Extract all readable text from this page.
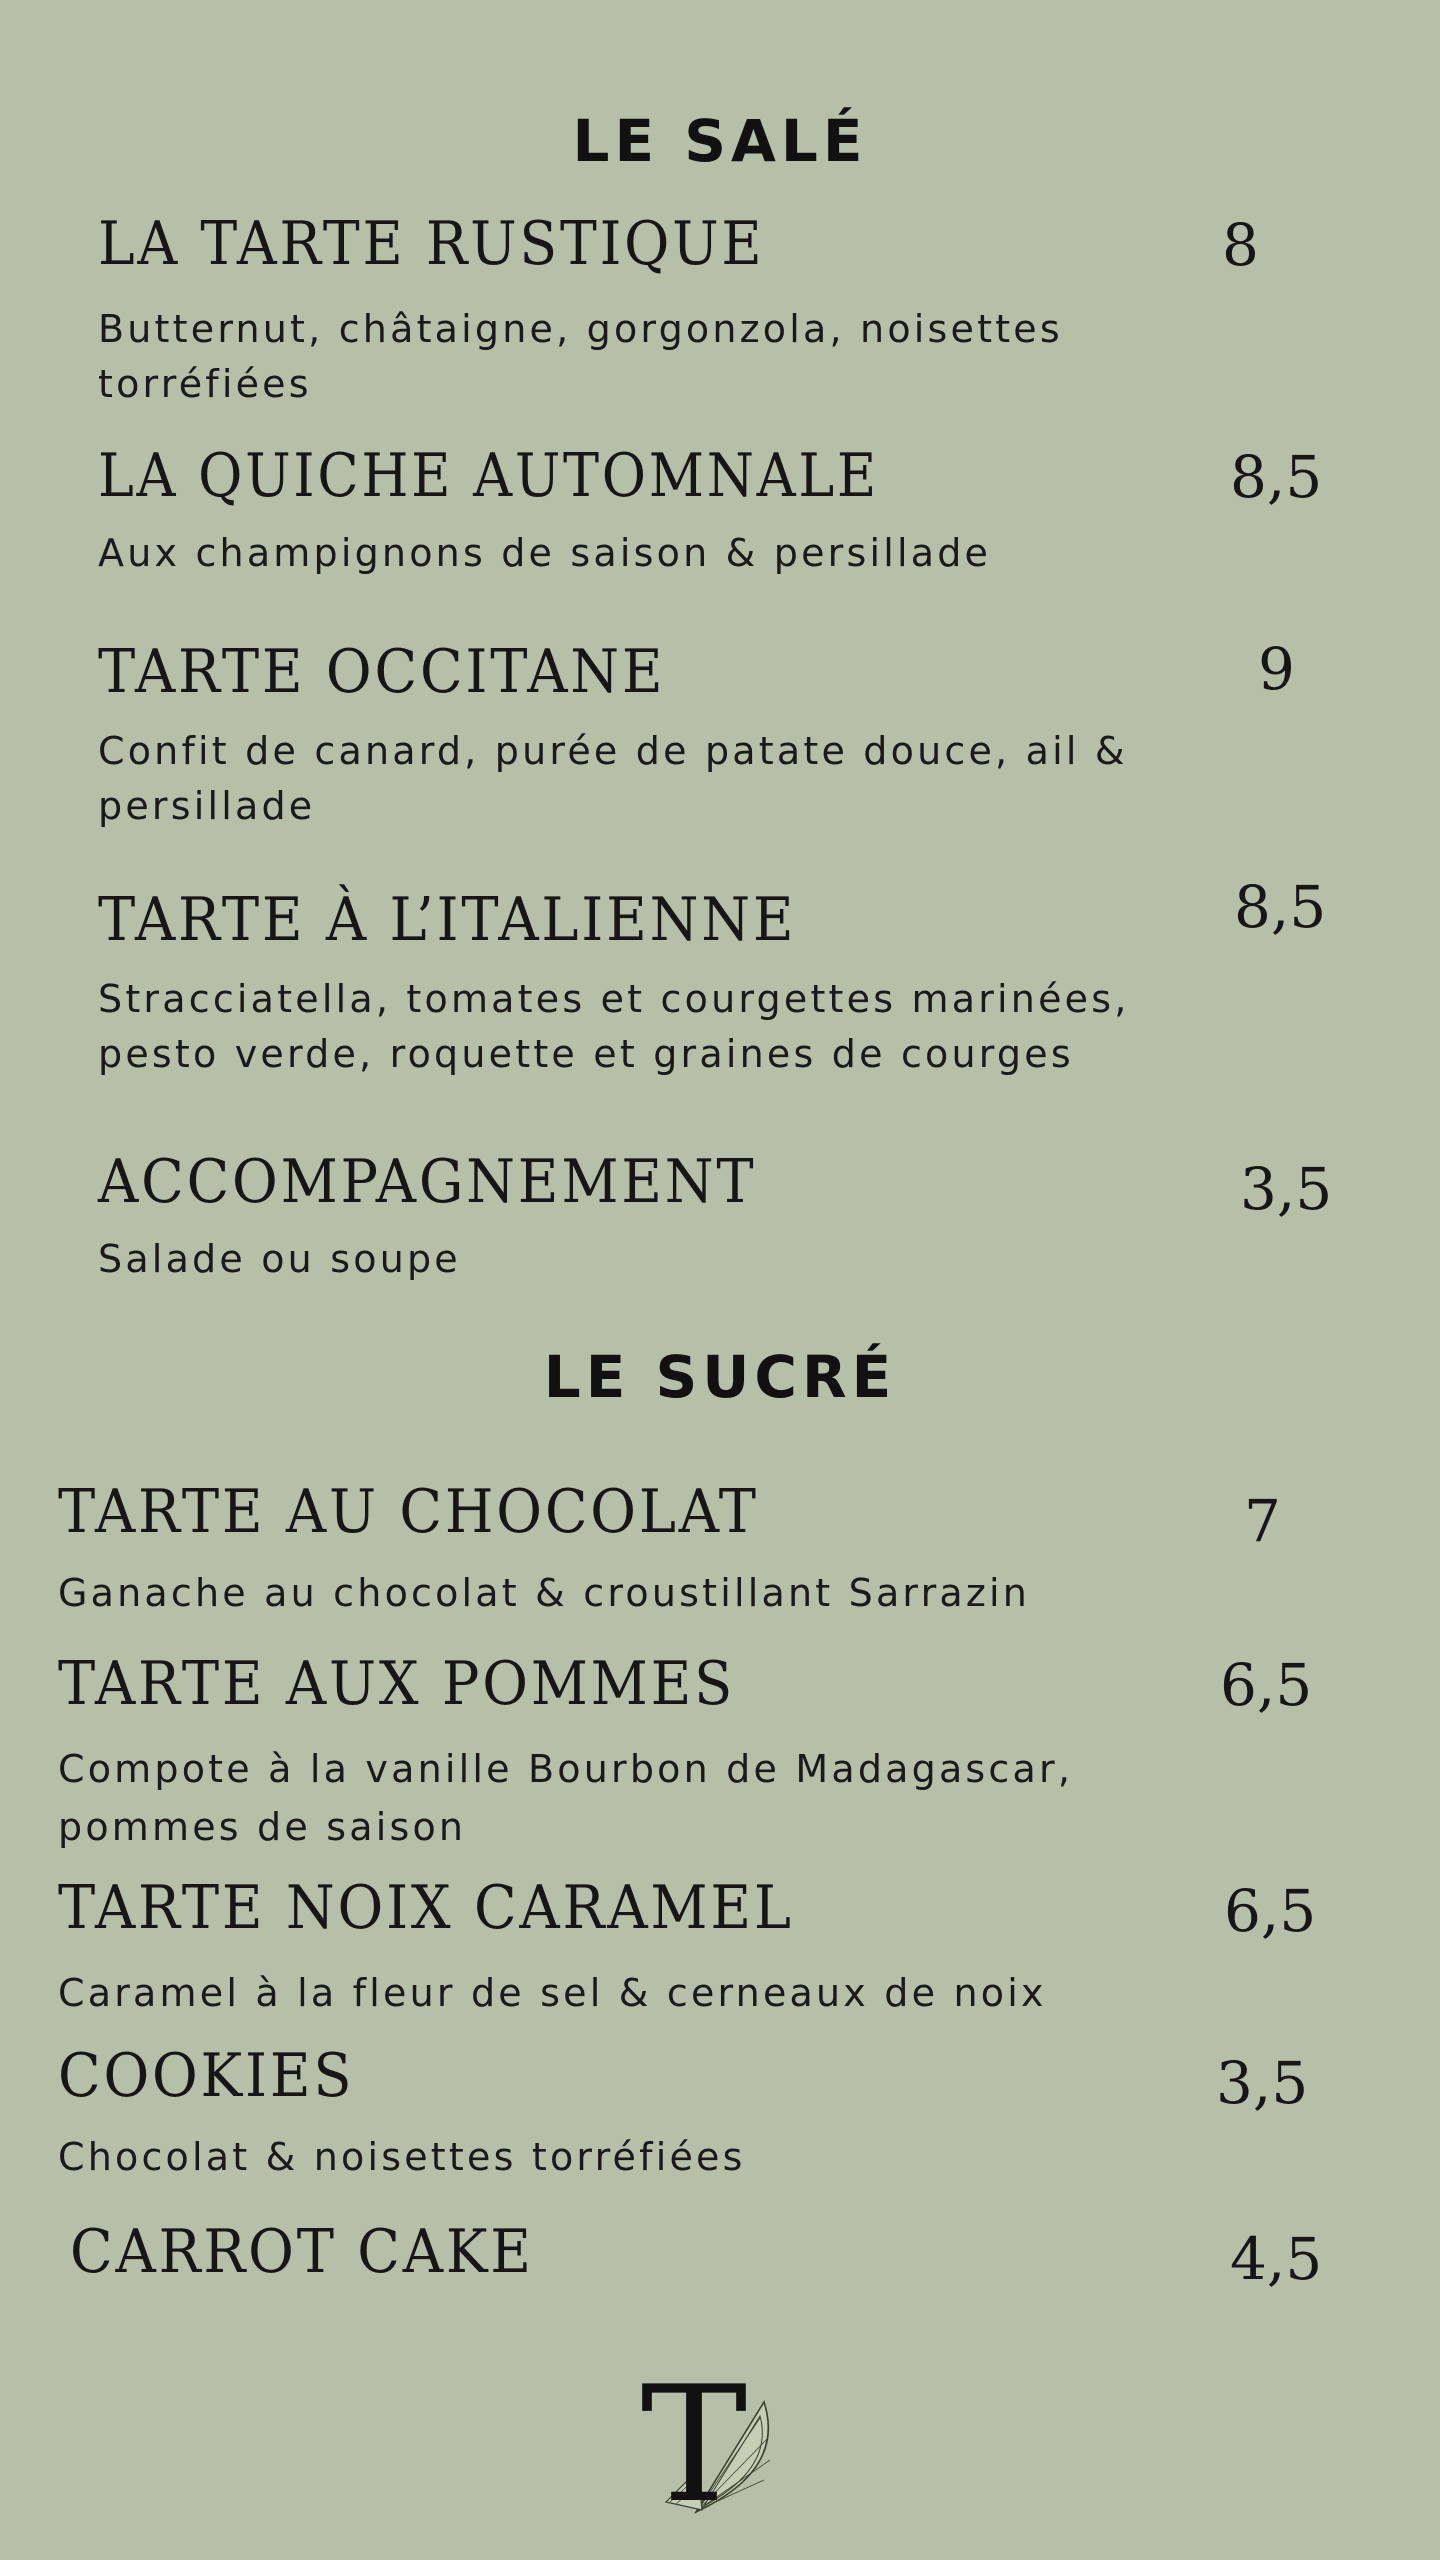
LE SALÉ
LA TARTE RUSTIQUE	8

Butternut, châtaigne, gorgonzola, noisettes torréfiées

LA QUICHE AUTOMNALE	8,5

Aux champignons de saison & persillade

TARTE OCCITANE	9

Confit de canard, purée de patate douce, ail & persillade

TARTE À L’ITALIENNE	8,5

Stracciatella, tomates et courgettes marinées, pesto verde, roquette et graines de courges

ACCOMPAGNEMENT	3,5

Salade ou soupe

LE SUCRÉ
TARTE AU CHOCOLAT	7

Ganache au chocolat & croustillant Sarrazin

TARTE AUX POMMES	6,5

Compote à la vanille Bourbon de Madagascar, pommes de saison

TARTE NOIX CARAMEL	6,5

Caramel à la fleur de sel & cerneaux de noix

COOKIES	3,5

Chocolat & noisettes torréfiées

CARROT CAKE	4,5
T
